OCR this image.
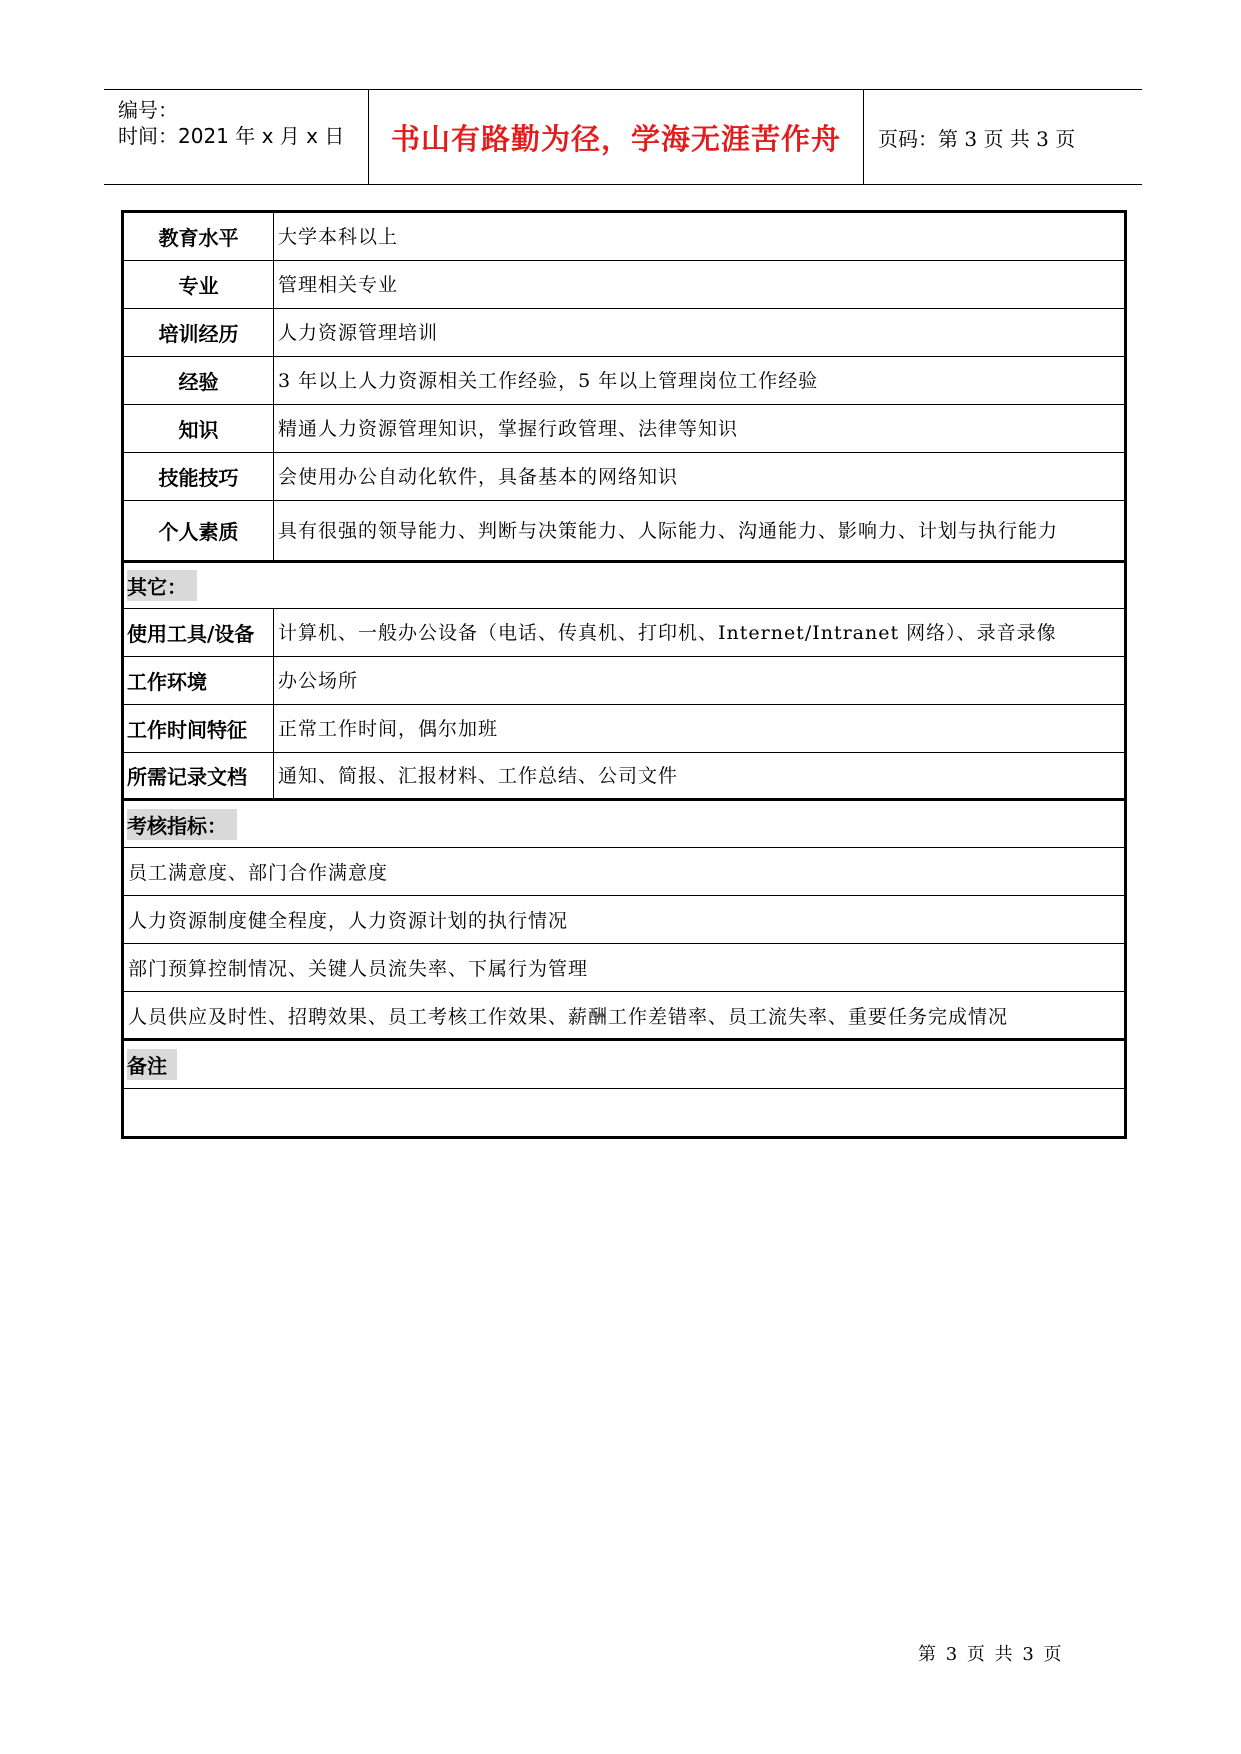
编号：
时间：2021 年 x 月 x 日 书山有路勤为径，学海无涯苦作舟	页码：第 3 页 共 3 页
教育水平	大学本科以上
专业	管理相关专业
培训经历	人力资源管理培训
经验	3 年以上人力资源相关工作经验，5 年以上管理岗位工作经验
知识	精通人力资源管理知识，掌握行政管理、法律等知识
技能技巧	会使用办公自动化软件，具备基本的网络知识
个人素质	具有很强的领导能力、判断与决策能力、人际能力、沟通能力、影响力、计划与执行能力
其它：
使用工具/设备	计算机、一般办公设备（电话、传真机、打印机、Internet/Intranet 网络）、录音录像
工作环境	办公场所
工作时间特征	正常工作时间，偶尔加班
所需记录文档	通知、简报、汇报材料、工作总结、公司文件
考核指标：
员工满意度、部门合作满意度
人力资源制度健全程度，人力资源计划的执行情况
部门预算控制情况、关键人员流失率、下属行为管理
人员供应及时性、招聘效果、员工考核工作效果、薪酬工作差错率、员工流失率、重要任务完成情况
备注
第 3 页 共 3 页
